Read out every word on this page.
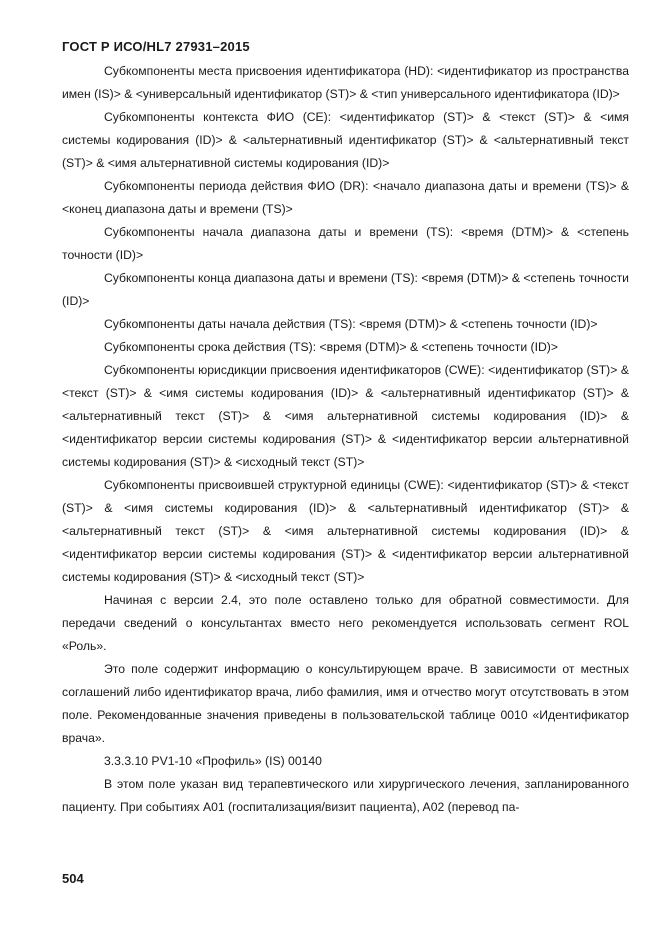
ГОСТ Р ИСО/HL7 27931–2015

Субкомпоненты места присвоения идентификатора (HD): <идентификатор из пространства имен (IS)> & <универсальный идентификатор (ST)> & <тип универсального идентификатора (ID)>

Субкомпоненты контекста ФИО (CE): <идентификатор (ST)> & <текст (ST)> & <имя системы кодирования (ID)> & <альтернативный идентификатор (ST)> & <альтернативный текст (ST)> & <имя альтернативной системы кодирования (ID)>

Субкомпоненты периода действия ФИО (DR): <начало диапазона даты и времени (TS)> & <конец диапазона даты и времени (TS)>

Субкомпоненты начала диапазона даты и времени (TS): <время (DTM)> & <степень точности (ID)>

Субкомпоненты конца диапазона даты и времени (TS): <время (DTM)> & <степень точности (ID)>

Субкомпоненты даты начала действия (TS): <время (DTM)> & <степень точности (ID)>

Субкомпоненты срока действия (TS): <время (DTM)> & <степень точности (ID)>

Субкомпоненты юрисдикции присвоения идентификаторов (CWE): <идентификатор (ST)> & <текст (ST)> & <имя системы кодирования (ID)> & <альтернативный идентификатор (ST)> & <альтернативный текст (ST)> & <имя альтернативной системы кодирования (ID)> & <идентификатор версии системы кодирования (ST)> & <идентификатор версии альтернативной системы кодирования (ST)> & <исходный текст (ST)>

Субкомпоненты присвоившей структурной единицы (CWE): <идентификатор (ST)> & <текст (ST)> & <имя системы кодирования (ID)> & <альтернативный идентификатор (ST)> & <альтернативный текст (ST)> & <имя альтернативной системы кодирования (ID)> & <идентификатор версии системы кодирования (ST)> & <идентификатор версии альтернативной системы кодирования (ST)> & <исходный текст (ST)>

Начиная с версии 2.4, это поле оставлено только для обратной совместимости. Для передачи сведений о консультантах вместо него рекомендуется использовать сегмент ROL «Роль».

Это поле содержит информацию о консультирующем враче. В зависимости от местных соглашений либо идентификатор врача, либо фамилия, имя и отчество могут отсутствовать в этом поле. Рекомендованные значения приведены в пользовательской таблице 0010 «Идентификатор врача».

3.3.3.10 PV1-10 «Профиль» (IS) 00140

В этом поле указан вид терапевтического или хирургического лечения, запланированного пациенту. При событиях A01 (госпитализация/визит пациента), A02 (перевод па-

504
